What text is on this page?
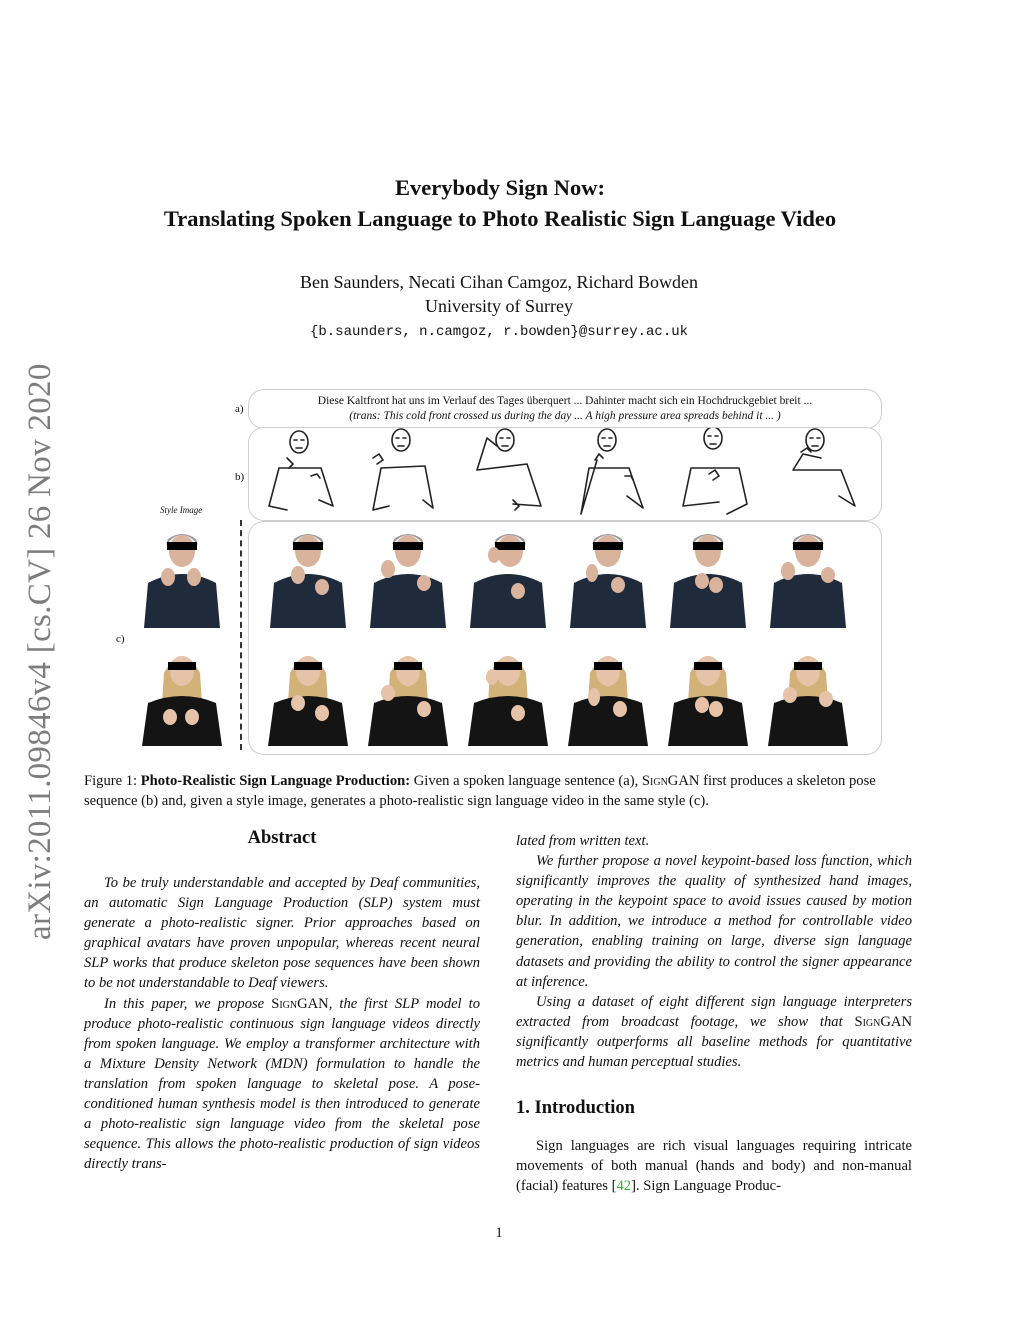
arXiv:2011.09846v4 [cs.CV] 26 Nov 2020
Everybody Sign Now:
Translating Spoken Language to Photo Realistic Sign Language Video
Ben Saunders, Necati Cihan Camgoz, Richard Bowden
University of Surrey
{b.saunders, n.camgoz, r.bowden}@surrey.ac.uk
a)
b)
c)
Diese Kaltfront hat uns im Verlauf des Tages überquert ... Dahinter macht sich ein Hochdruckgebiet breit ...
(trans: This cold front crossed us during the day ... A high pressure area spreads behind it ... )
Style Image
Figure 1: Photo-Realistic Sign Language Production: Given a spoken language sentence (a), SignGAN first produces a skeleton pose sequence (b) and, given a style image, generates a photo-realistic sign language video in the same style (c).
Abstract

To be truly understandable and accepted by Deaf communities, an automatic Sign Language Production (SLP) system must generate a photo-realistic signer. Prior approaches based on graphical avatars have proven unpopular, whereas recent neural SLP works that produce skeleton pose sequences have been shown to be not understandable to Deaf viewers.

In this paper, we propose SignGAN, the first SLP model to produce photo-realistic continuous sign language videos directly from spoken language. We employ a transformer architecture with a Mixture Density Network (MDN) formulation to handle the translation from spoken language to skeletal pose. A pose-conditioned human synthesis model is then introduced to generate a photo-realistic sign language video from the skeletal pose sequence. This allows the photo-realistic production of sign videos directly trans-

lated from written text.

We further propose a novel keypoint-based loss function, which significantly improves the quality of synthesized hand images, operating in the keypoint space to avoid issues caused by motion blur. In addition, we introduce a method for controllable video generation, enabling training on large, diverse sign language datasets and providing the ability to control the signer appearance at inference.

Using a dataset of eight different sign language interpreters extracted from broadcast footage, we show that SignGAN significantly outperforms all baseline methods for quantitative metrics and human perceptual studies.

1. Introduction

Sign languages are rich visual languages requiring intricate movements of both manual (hands and body) and non-manual (facial) features [42]. Sign Language Produc-

1
